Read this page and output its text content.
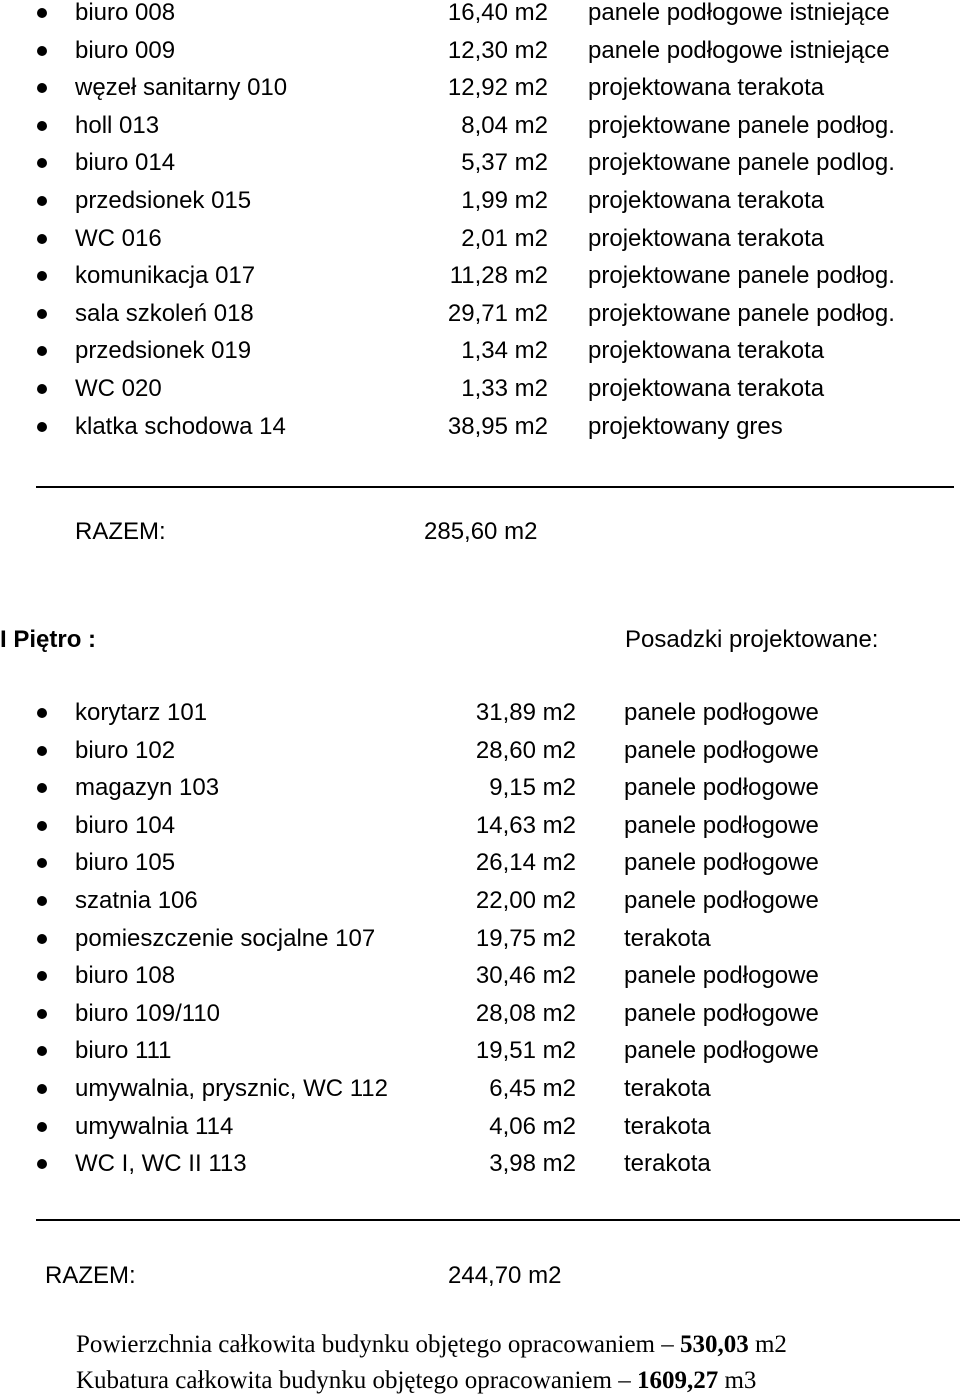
biuro 008	16,40 m2 panele podłogowe istniejące
biuro 009	12,30 m2 panele podłogowe istniejące
węzeł sanitarny 010	12,92 m2 projektowana terakota
holl 013	8,04 m2 projektowane panele podłog.
biuro 014	5,37 m2 projektowane panele podlog.
przedsionek 015	1,99 m2 projektowana terakota
WC 016	2,01 m2 projektowana terakota
komunikacja 017	11,28 m2 projektowane panele podłog.
sala szkoleń 018	29,71 m2 projektowane panele podłog.
przedsionek 019	1,34 m2 projektowana terakota
WC 020	1,33 m2 projektowana terakota
klatka schodowa 14	38,95 m2 projektowany gres
RAZEM:	285,60 m2
I Piętro :	Posadzki projektowane:
korytarz 101	31,89 m2 panele podłogowe
biuro 102	28,60 m2 panele podłogowe
magazyn 103	9,15 m2 panele podłogowe
biuro 104	14,63 m2 panele podłogowe
biuro 105	26,14 m2 panele podłogowe
szatnia 106	22,00 m2 panele podłogowe
pomieszczenie socjalne 107	19,75 m2 terakota
biuro 108	30,46 m2 panele podłogowe
biuro 109/110	28,08 m2 panele podłogowe
biuro 111	19,51 m2 panele podłogowe
umywalnia, prysznic, WC 112	6,45 m2 terakota
umywalnia 114	4,06 m2 terakota
WC I, WC II 113	3,98 m2 terakota
RAZEM:	244,70 m2
Powierzchnia całkowita budynku objętego opracowaniem – 530,03 m2
Kubatura całkowita budynku objętego opracowaniem – 1609,27 m3
